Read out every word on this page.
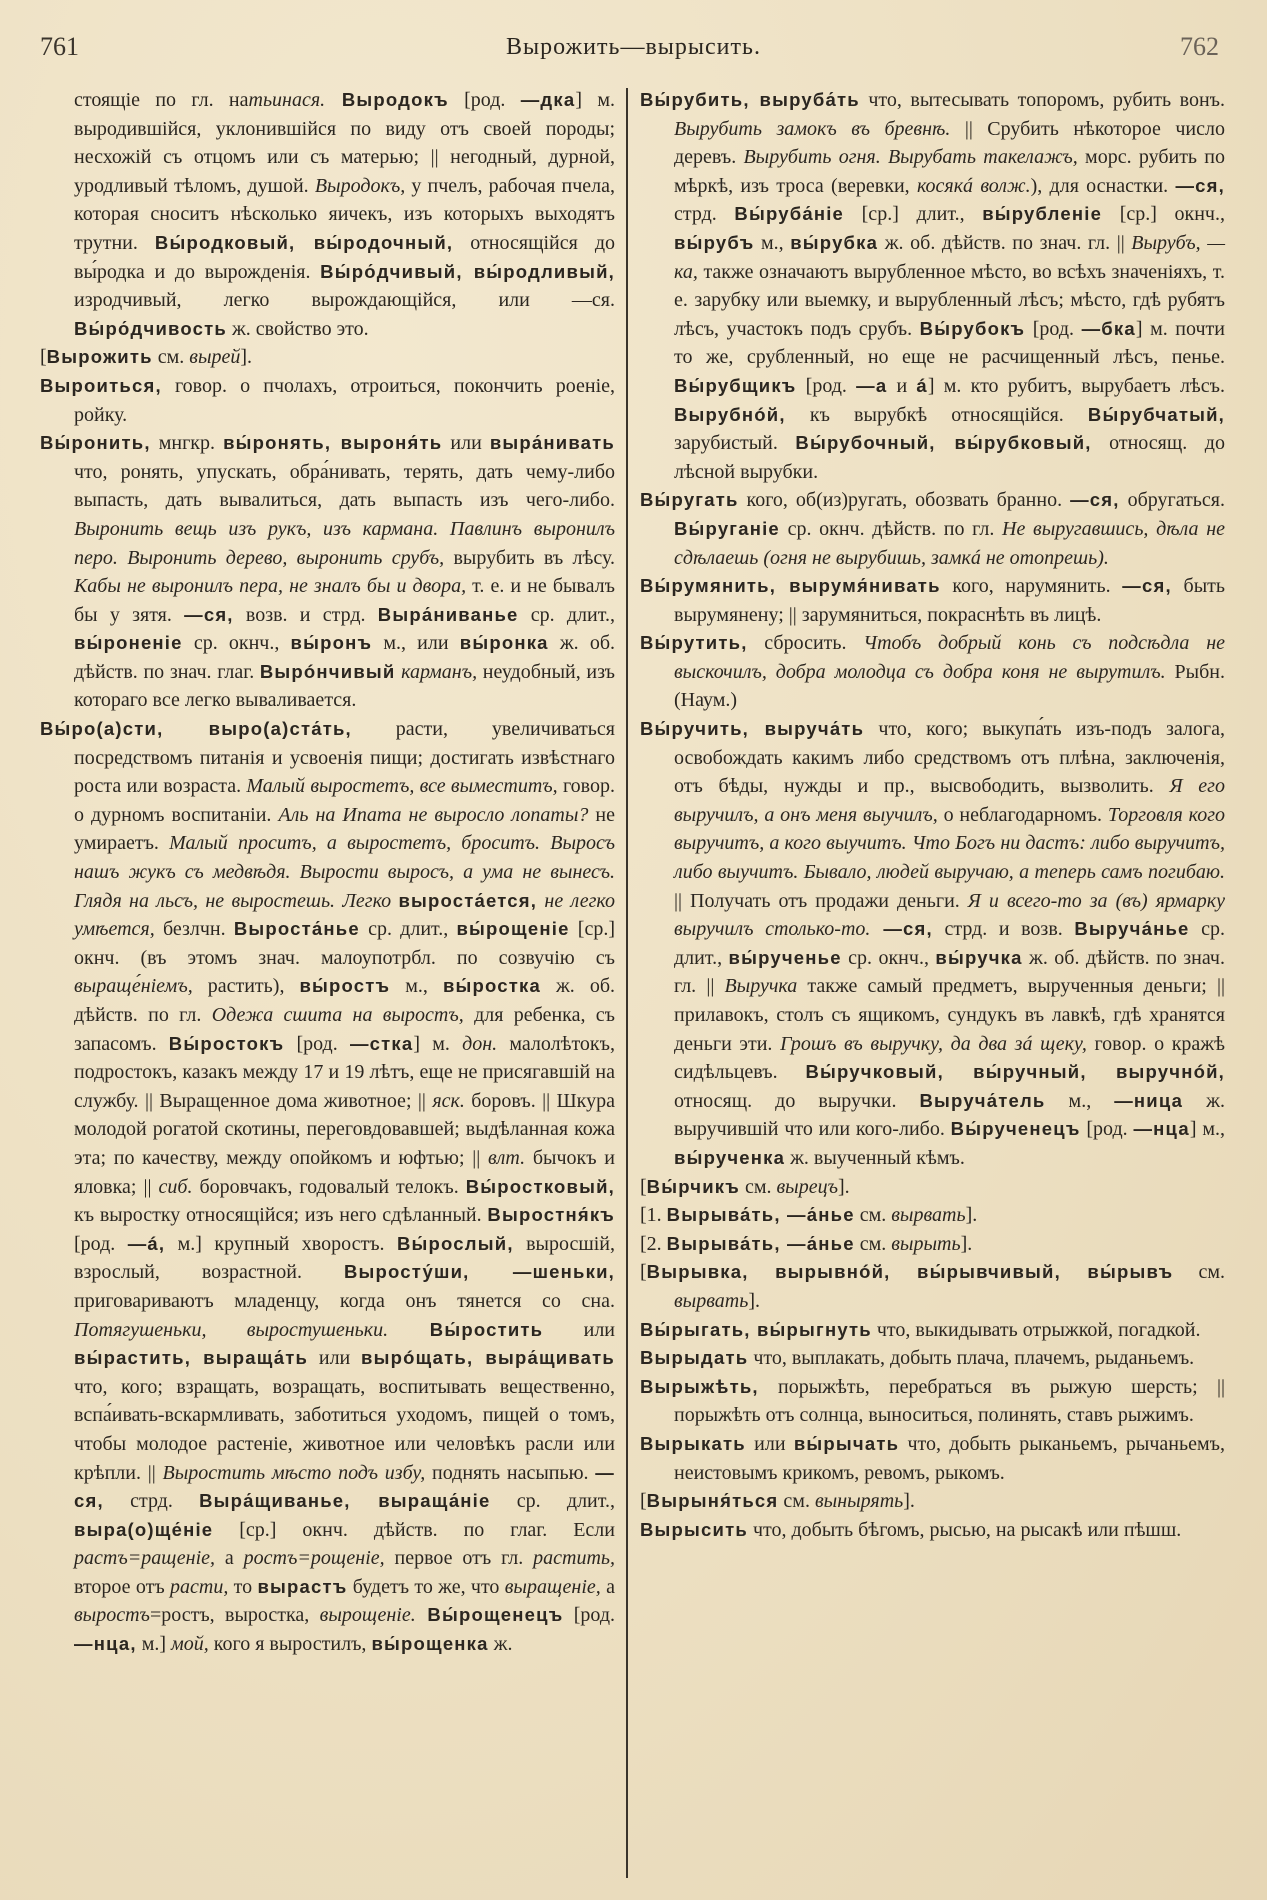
761	Вырожить—вырысить.	762

стоящіе по гл. натьинася. Выродокъ [род. —дка] м. выродившійся, уклонившійся по виду отъ своей породы; несхожій съ отцомъ или съ матерью; || негодный, дурной, уродливый тѣломъ, душой. Выродокъ, у пчелъ, рабочая пчела, которая сноситъ нѣсколько яичекъ, изъ которыхъ выходятъ трутни. Вы́родковый, вы́родочный, относящійся до вы́родка и до вырожденія. Вы́ро́дчивый, вы́родливый, изродчивый, легко вырождающійся, или —ся. Вы́ро́дчивость ж. свойство это.

[Вырожить см. вырей].

Выроиться, говор. о пчолахъ, отроиться, покончить роеніе, ройку.

Вы́ронить, мнгкр. вы́ронять, выроня́ть или выра́нивать что, ронять, упускать, обра́нивать, терять, дать чему-либо выпасть, дать вывалиться, дать выпасть изъ чего-либо. Выронить вещь изъ рукъ, изъ кармана. Павлинъ выронилъ перо. Выронить дерево, выронить срубъ, вырубить въ лѣсу. Кабы не выронилъ пера, не зналъ бы и двора, т. е. и не бывалъ бы у зятя. —ся, возв. и стрд. Выра́ниванье ср. длит., вы́роненіе ср. окнч., вы́ронъ м., или вы́ронка ж. об. дѣйств. по знач. глаг. Вырóнчивый карманъ, неудобный, изъ котораго все легко вываливается.

Вы́ро(а)сти, выро(а)ста́ть, расти, увеличиваться посредствомъ питанія и усвоенія пищи; достигать извѣстнаго роста или возраста. Малый выростетъ, все выместитъ, говор. о дурномъ воспитаніи. Аль на Ипата не выросло лопаты? не умираетъ. Малый проситъ, а выростетъ, броситъ. Выросъ нашъ жукъ съ медвѣдя. Вырости выросъ, а ума не вынесъ. Глядя на льсъ, не выростешь. Легко выроста́ется, не легко умѣется, безлчн. Выроста́нье ср. длит., вы́рощеніе [ср.] окнч. (въ этомъ знач. малоупотрбл. по созвучію съ выраще́ніемъ, растить), вы́ростъ м., вы́ростка ж. об. дѣйств. по гл. Одежа сшита на выростъ, для ребенка, съ запасомъ. Вы́ростокъ [род. —стка] м. дон. малолѣтокъ, подростокъ, казакъ между 17 и 19 лѣтъ, еще не присягавшій на службу. || Выращенное дома животное; || яск. боровъ. || Шкура молодой рогатой скотины, переговдовавшей; выдѣланная кожа эта; по качеству, между опойкомъ и юфтью; || влт. бычокъ и яловка; || сиб. боровчакъ, годовалый телокъ. Вы́ростковый, къ выростку относящійся; изъ него сдѣланный. Выростня́къ [род. —á, м.] крупный хворостъ. Вы́рослый, выросшій, взрослый, возрастной. Выросту́ши, —шеньки, приговариваютъ младенцу, когда онъ тянется со сна. Потягушеньки, выростушеньки. Вы́ростить или вы́растить, выраща́ть или вырóщать, выра́щивать что, кого; взращать, возращать, воспитывать вещественно, вспа́ивать-вскармливать, заботиться уходомъ, пищей о томъ, чтобы молодое растеніе, животное или человѣкъ расли или крѣпли. || Выростить мѣсто подъ избу, поднять насыпью. —ся, стрд. Выра́щиванье, выраща́ніе ср. длит., выра(о)ще́ніе [ср.] окнч. дѣйств. по глаг. Если растъ=ращеніе, а ростъ=рощеніе, первое отъ гл. растить, второе отъ расти, то вырастъ будетъ то же, что выращеніе, а выростъ=ростъ, выростка, вырощеніе. Вы́рощенецъ [род. —нца, м.] мой, кого я выростилъ, вы́рощенка ж.

Вы́рубить, выруба́ть что, вытесывать топоромъ, рубить вонъ. Вырубить замокъ въ бревнѣ. || Срубить нѣкоторое число деревъ. Вырубить огня. Вырубать такелажъ, морс. рубить по мѣркѣ, изъ троса (веревки, косякá волж.), для оснастки. —ся, стрд. Вы́руба́ніе [ср.] длит., вы́рубленіе [ср.] окнч., вы́рубъ м., вы́рубка ж. об. дѣйств. по знач. гл. || Вырубъ, —ка, также означаютъ вырубленное мѣсто, во всѣхъ значеніяхъ, т. е. зарубку или выемку, и вырубленный лѣсъ; мѣсто, гдѣ рубятъ лѣсъ, участокъ подъ срубъ. Вы́рубокъ [род. —бка] м. почти то же, срубленный, но еще не расчищенный лѣсъ, пенье. Вы́рубщикъ [род. —а и á] м. кто рубитъ, вырубаетъ лѣсъ. Вырубнóй, къ вырубкѣ относящійся. Вы́рубчатый, зарубистый. Вы́рубочный, вы́рубковый, относящ. до лѣсной вырубки.

Вы́ругать кого, об(из)ругать, обозвать бранно. —ся, обругаться. Вы́руганіе ср. окнч. дѣйств. по гл. Не выругавшись, дѣла не сдѣлаешь (огня не вырубишь, замкá не отопрешь).

Вы́румянить, вырумя́нивать кого, нарумянить. —ся, быть вырумянену; || зарумяниться, покраснѣть въ лицѣ.

Вы́рутить, сбросить. Чтобъ добрый конь съ подсѣдла не выскочилъ, добра молодца съ добра коня не вырутилъ. Рыбн. (Наум.)

Вы́ручить, выруча́ть что, кого; выкупа́ть изъ-подъ залога, освобождать какимъ либо средствомъ отъ плѣна, заключенія, отъ бѣды, нужды и пр., высвободить, вызволить. Я его выручилъ, а онъ меня выучилъ, о неблагодарномъ. Торговля кого выручитъ, а кого выучитъ. Что Богъ ни дастъ: либо выручитъ, либо выучитъ. Бывало, людей выручаю, а теперь самъ погибаю. || Получать отъ продажи деньги. Я и всего-то за (въ) ярмарку выручилъ столько-то. —ся, стрд. и возв. Выруча́нье ср. длит., вы́рученье ср. окнч., вы́ручка ж. об. дѣйств. по знач. гл. || Выручка также самый предметъ, вырученныя деньги; || прилавокъ, столъ съ ящикомъ, сундукъ въ лавкѣ, гдѣ хранятся деньги эти. Грошъ въ выручку, да два зá щеку, говор. о кражѣ сидѣльцевъ. Вы́ручковый, вы́ручный, выручнóй, относящ. до выручки. Выруча́тель м., —ница ж. выручившій что или кого-либо. Вы́рученецъ [род. —нца] м., вы́рученка ж. выученный кѣмъ.

[Вы́рчикъ см. вырецъ].

[1. Вырыва́ть, —а́нье см. вырвать].

[2. Вырыва́ть, —а́нье см. вырыть].

[Вырывка, вырывнóй, вы́рывчивый, вы́рывъ см. вырвать].

Вы́рыгать, вы́рыгнуть что, выкидывать отрыжкой, погадкой.

Вырыдать что, выплакать, добыть плача, плачемъ, рыданьемъ.

Вырыжѣть, порыжѣть, перебраться въ рыжую шерсть; || порыжѣть отъ солнца, выноситься, полинять, ставъ рыжимъ.

Вырыкать или вы́рычать что, добыть рыканьемъ, рычаньемъ, неистовымъ крикомъ, ревомъ, рыкомъ.

[Вырыня́ться см. вынырять].

Вырысить что, добыть бѣгомъ, рысью, на рысакѣ или пѣшш.
